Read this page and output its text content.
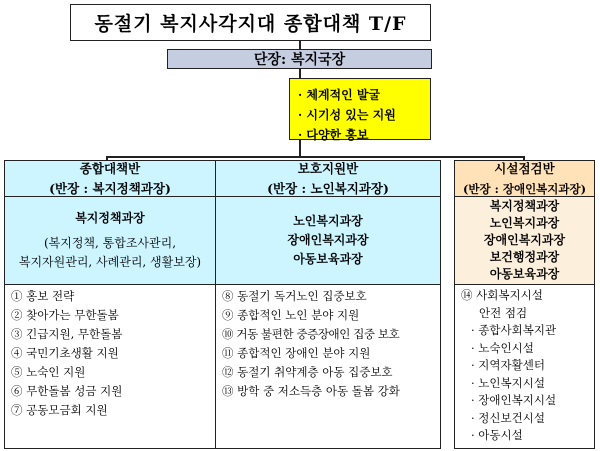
동절기 복지사각지대 종합대책 T/F
단장: 복지국장
· 체계적인 발굴
· 시기성 있는 지원
· 다양한 홍보
종합대책반
(반장 : 복지정책과장)
복지정책과장
(복지정책, 통합조사관리,
복지자원관리, 사례관리, 생활보장)
① 홍보 전략
② 찾아가는 무한돌봄
③ 긴급지원, 무한돌봄
④ 국민기초생활 지원
⑤ 노숙인 지원
⑥ 무한돌봄 성금 지원
⑦ 공동모금회 지원
보호지원반
(반장 : 노인복지과장)
노인복지과장
장애인복지과장
아동보육과장
⑧ 동절기 독거노인 집중보호
⑨ 종합적인 노인 분야 지원
⑩ 거동 불편한 중증장애인 집중 보호
⑪ 종합적인 장애인 분야 지원
⑫ 동절기 취약계층 아동 집중보호
⑬ 방학 중 저소득층 아동 돌봄 강화
시설점검반
(반장 : 장애인복지과장)
복지정책과장
노인복지과장
장애인복지과장
보건행정과장
아동보육과장
⑭ 사회복지시설
안전 점검
· 종합사회복지관
· 노숙인시설
· 지역자활센터
· 노인복지시설
· 장애인복지시설
· 정신보건시설
· 아동시설
